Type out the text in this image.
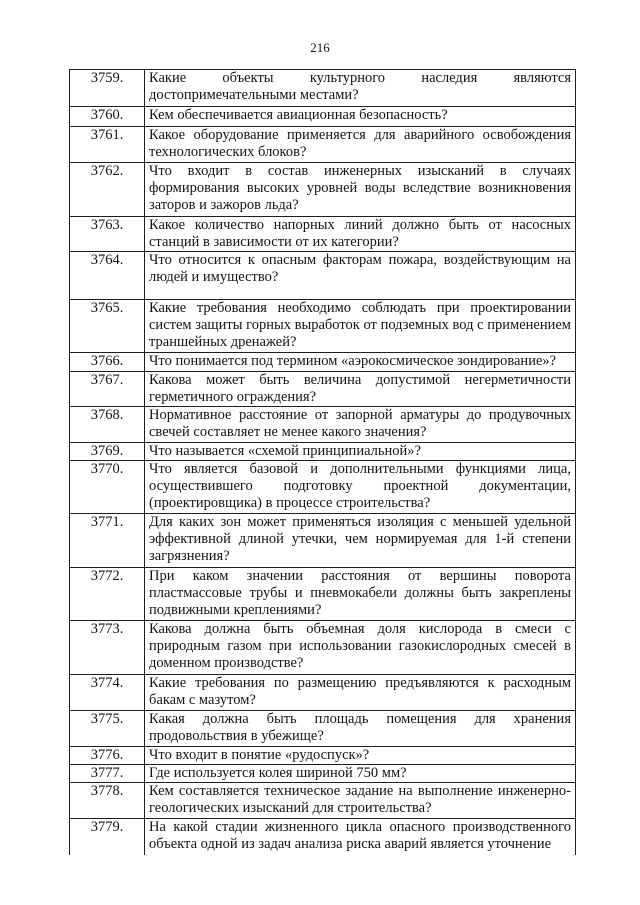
216
3759.	Какие объекты культурного наследия являются достопримечательными местами?
3760.	Кем обеспечивается авиационная безопасность?
3761.	Какое оборудование применяется для аварийного освобождения технологических блоков?
3762.	Что входит в состав инженерных изысканий в случаях формирования высоких уровней воды вследствие возникновения заторов и зажоров льда?
3763.	Какое количество напорных линий должно быть от насосных станций в зависимости от их категории?
3764.	Что относится к опасным факторам пожара, воздействующим на людей и имущество?
3765.	Какие требования необходимо соблюдать при проектировании систем защиты горных выработок от подземных вод с применением траншейных дренажей?
3766.	Что понимается под термином «аэрокосмическое зондирование»?
3767.	Какова может быть величина допустимой негерметичности герметичного ограждения?
3768.	Нормативное расстояние от запорной арматуры до продувочных свечей составляет не менее какого значения?
3769.	Что называется «схемой принципиальной»?
3770.	Что является базовой и дополнительными функциями лица, осуществившего подготовку проектной документации, (проектировщика) в процессе строительства?
3771.	Для каких зон может применяться изоляция с меньшей удельной эффективной длиной утечки, чем нормируемая для 1-й степени загрязнения?
3772.	При каком значении расстояния от вершины поворота пластмассовые трубы и пневмокабели должны быть закреплены подвижными креплениями?
3773.	Какова должна быть объемная доля кислорода в смеси с природным газом при использовании газокислородных смесей в доменном производстве?
3774.	Какие требования по размещению предъявляются к расходным бакам с мазутом?
3775.	Какая должна быть площадь помещения для хранения продовольствия в убежище?
3776.	Что входит в понятие «рудоспуск»?
3777.	Где используется колея шириной 750 мм?
3778.	Кем составляется техническое задание на выполнение инженерно-геологических изысканий для строительства?
3779.	На какой стадии жизненного цикла опасного производственного объекта одной из задач анализа риска аварий является уточнение
